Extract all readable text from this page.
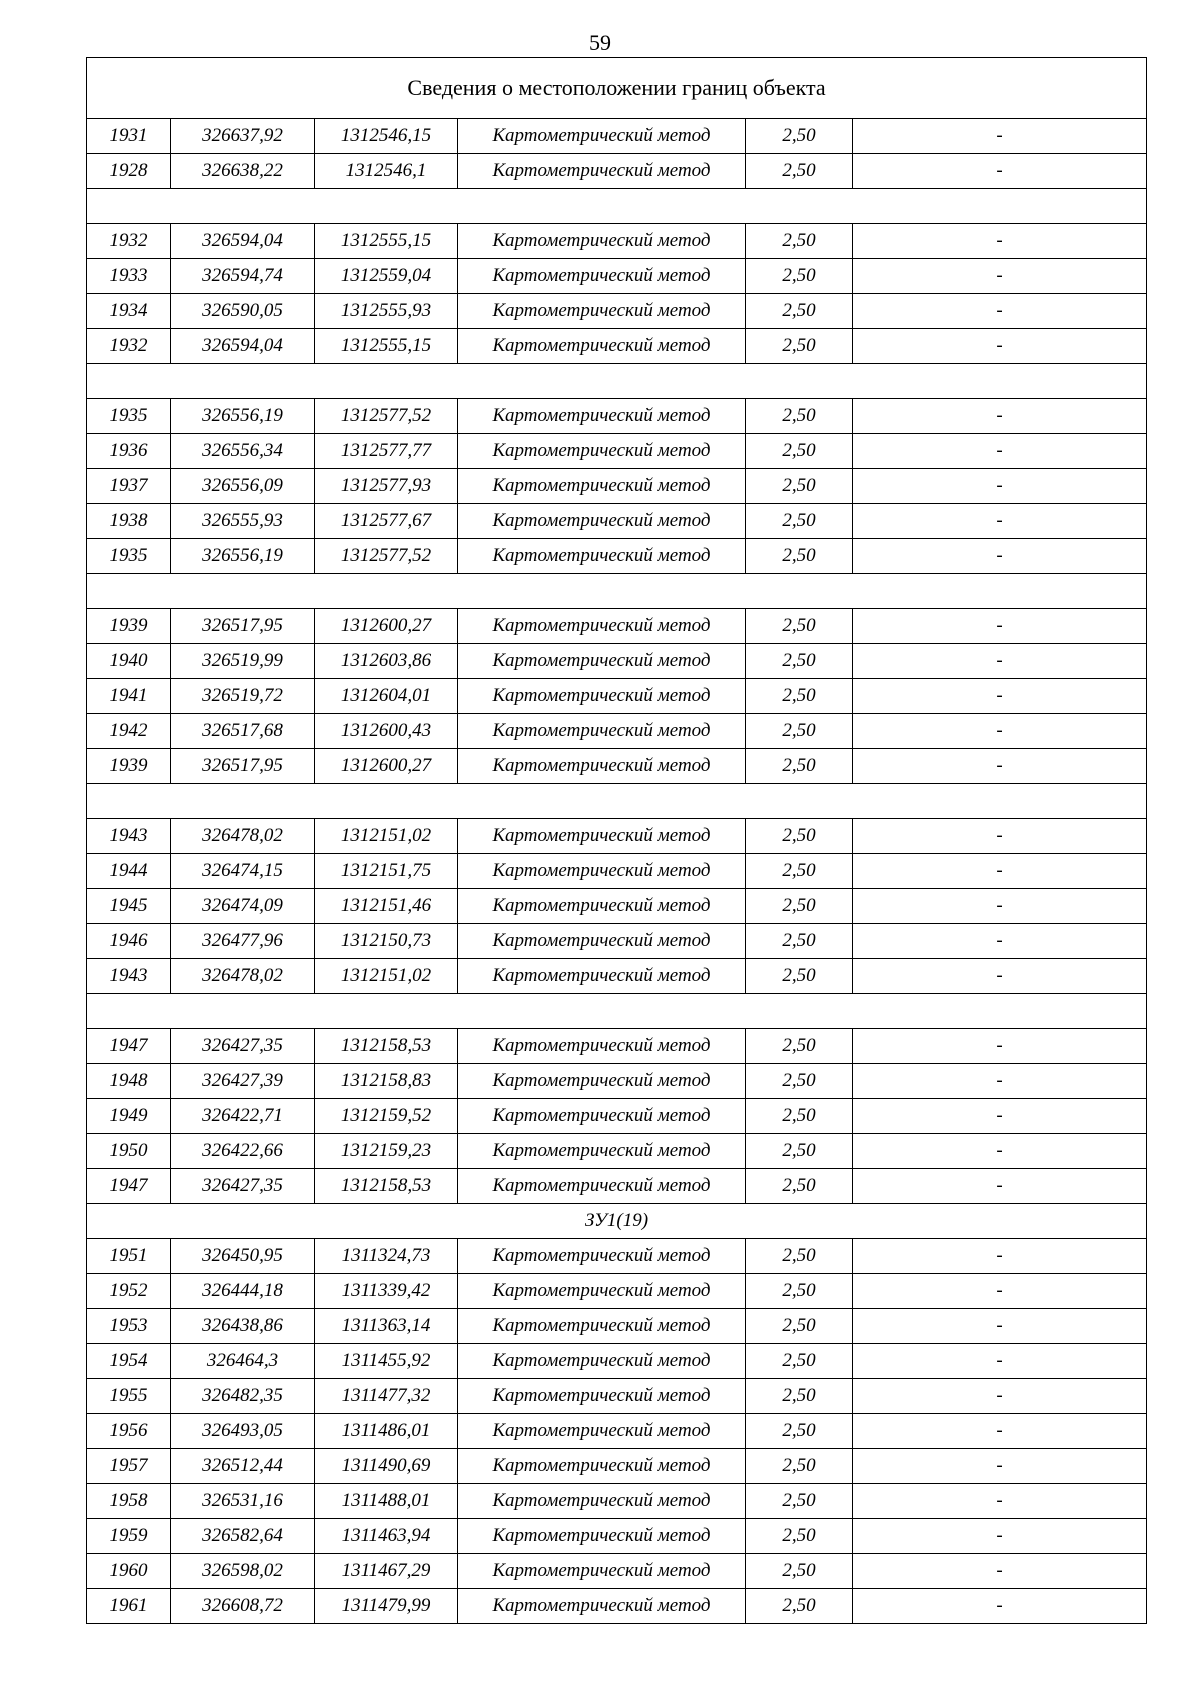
59
Сведения о местоположении границ объекта					
1931	326637,92	1312546,15	Картометрический метод	2,50	-
1928	326638,22	1312546,1	Картометрический метод	2,50	-

1932	326594,04	1312555,15	Картометрический метод	2,50	-
1933	326594,74	1312559,04	Картометрический метод	2,50	-
1934	326590,05	1312555,93	Картометрический метод	2,50	-
1932	326594,04	1312555,15	Картометрический метод	2,50	-

1935	326556,19	1312577,52	Картометрический метод	2,50	-
1936	326556,34	1312577,77	Картометрический метод	2,50	-
1937	326556,09	1312577,93	Картометрический метод	2,50	-
1938	326555,93	1312577,67	Картометрический метод	2,50	-
1935	326556,19	1312577,52	Картометрический метод	2,50	-

1939	326517,95	1312600,27	Картометрический метод	2,50	-
1940	326519,99	1312603,86	Картометрический метод	2,50	-
1941	326519,72	1312604,01	Картометрический метод	2,50	-
1942	326517,68	1312600,43	Картометрический метод	2,50	-
1939	326517,95	1312600,27	Картометрический метод	2,50	-

1943	326478,02	1312151,02	Картометрический метод	2,50	-
1944	326474,15	1312151,75	Картометрический метод	2,50	-
1945	326474,09	1312151,46	Картометрический метод	2,50	-
1946	326477,96	1312150,73	Картометрический метод	2,50	-
1943	326478,02	1312151,02	Картометрический метод	2,50	-

1947	326427,35	1312158,53	Картометрический метод	2,50	-
1948	326427,39	1312158,83	Картометрический метод	2,50	-
1949	326422,71	1312159,52	Картометрический метод	2,50	-
1950	326422,66	1312159,23	Картометрический метод	2,50	-
1947	326427,35	1312158,53	Картометрический метод	2,50	-
ЗУ1(19)					
1951	326450,95	1311324,73	Картометрический метод	2,50	-
1952	326444,18	1311339,42	Картометрический метод	2,50	-
1953	326438,86	1311363,14	Картометрический метод	2,50	-
1954	326464,3	1311455,92	Картометрический метод	2,50	-
1955	326482,35	1311477,32	Картометрический метод	2,50	-
1956	326493,05	1311486,01	Картометрический метод	2,50	-
1957	326512,44	1311490,69	Картометрический метод	2,50	-
1958	326531,16	1311488,01	Картометрический метод	2,50	-
1959	326582,64	1311463,94	Картометрический метод	2,50	-
1960	326598,02	1311467,29	Картометрический метод	2,50	-
1961	326608,72	1311479,99	Картометрический метод	2,50	-
